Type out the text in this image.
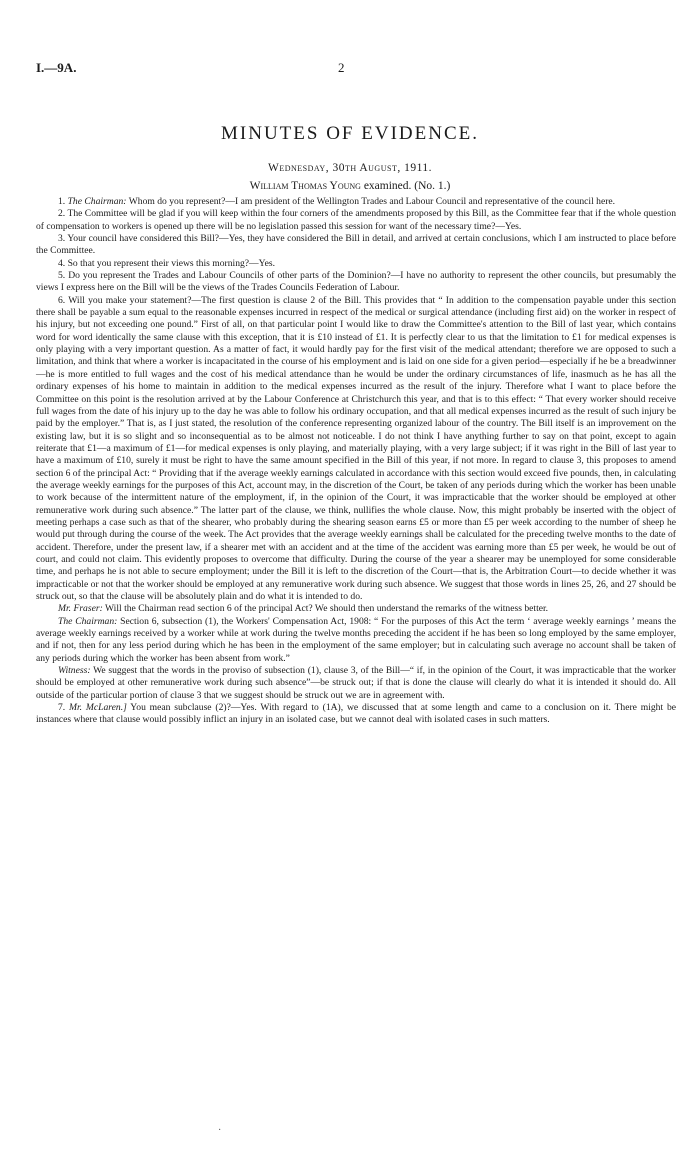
I.—9A.	2
MINUTES OF EVIDENCE.
Wednesday, 30th August, 1911.
William Thomas Young examined. (No. 1.)

1. The Chairman: Whom do you represent?—I am president of the Wellington Trades and Labour Council and representative of the council here.

2. The Committee will be glad if you will keep within the four corners of the amendments proposed by this Bill, as the Committee fear that if the whole question of compensation to workers is opened up there will be no legislation passed this session for want of the necessary time?—Yes.

3. Your council have considered this Bill?—Yes, they have considered the Bill in detail, and arrived at certain conclusions, which I am instructed to place before the Committee.

4. So that you represent their views this morning?—Yes.

5. Do you represent the Trades and Labour Councils of other parts of the Dominion?—I have no authority to represent the other councils, but presumably the views I express here on the Bill will be the views of the Trades Councils Federation of Labour.

6. Will you make your statement?—The first question is clause 2 of the Bill. This provides that “ In addition to the compensation payable under this section there shall be payable a sum equal to the reasonable expenses incurred in respect of the medical or surgical attendance (including first aid) on the worker in respect of his injury, but not exceeding one pound.” First of all, on that particular point I would like to draw the Committee's attention to the Bill of last year, which contains word for word identically the same clause with this exception, that it is £10 instead of £1. It is perfectly clear to us that the limitation to £1 for medical expenses is only playing with a very important question. As a matter of fact, it would hardly pay for the first visit of the medical attendant; therefore we are opposed to such a limitation, and think that where a worker is incapacitated in the course of his employment and is laid on one side for a given period—especially if he be a breadwinner—he is more entitled to full wages and the cost of his medical attendance than he would be under the ordinary circumstances of life, inasmuch as he has all the ordinary expenses of his home to maintain in addition to the medical expenses incurred as the result of the injury. Therefore what I want to place before the Committee on this point is the resolution arrived at by the Labour Conference at Christchurch this year, and that is to this effect: “ That every worker should receive full wages from the date of his injury up to the day he was able to follow his ordinary occupation, and that all medical expenses incurred as the result of such injury be paid by the employer.” That is, as I just stated, the resolution of the conference representing organized labour of the country. The Bill itself is an improvement on the existing law, but it is so slight and so inconsequential as to be almost not noticeable. I do not think I have anything further to say on that point, except to again reiterate that £1—a maximum of £1—for medical expenses is only playing, and materially playing, with a very large subject; if it was right in the Bill of last year to have a maximum of £10, surely it must be right to have the same amount specified in the Bill of this year, if not more. In regard to clause 3, this proposes to amend section 6 of the principal Act: “ Providing that if the average weekly earnings calculated in accordance with this section would exceed five pounds, then, in calculating the average weekly earnings for the purposes of this Act, account may, in the discretion of the Court, be taken of any periods during which the worker has been unable to work because of the intermittent nature of the employment, if, in the opinion of the Court, it was impracticable that the worker should be employed at other remunerative work during such absence.” The latter part of the clause, we think, nullifies the whole clause. Now, this might probably be inserted with the object of meeting perhaps a case such as that of the shearer, who probably during the shearing season earns £5 or more than £5 per week according to the number of sheep he would put through during the course of the week. The Act provides that the average weekly earnings shall be calculated for the preceding twelve months to the date of accident. Therefore, under the present law, if a shearer met with an accident and at the time of the accident was earning more than £5 per week, he would be out of court, and could not claim. This evidently proposes to overcome that difficulty. During the course of the year a shearer may be unemployed for some considerable time, and perhaps he is not able to secure employment; under the Bill it is left to the discretion of the Court—that is, the Arbitration Court—to decide whether it was impracticable or not that the worker should be employed at any remunerative work during such absence. We suggest that those words in lines 25, 26, and 27 should be struck out, so that the clause will be absolutely plain and do what it is intended to do.

Mr. Fraser: Will the Chairman read section 6 of the principal Act? We should then understand the remarks of the witness better.

The Chairman: Section 6, subsection (1), the Workers' Compensation Act, 1908: “ For the purposes of this Act the term ‘ average weekly earnings ’ means the average weekly earnings received by a worker while at work during the twelve months preceding the accident if he has been so long employed by the same employer, and if not, then for any less period during which he has been in the employment of the same employer; but in calculating such average no account shall be taken of any periods during which the worker has been absent from work.”

Witness: We suggest that the words in the proviso of subsection (1), clause 3, of the Bill—“ if, in the opinion of the Court, it was impracticable that the worker should be employed at other remunerative work during such absence”—be struck out; if that is done the clause will clearly do what it is intended it should do. All outside of the particular portion of clause 3 that we suggest should be struck out we are in agreement with.

7. Mr. McLaren.] You mean subclause (2)?—Yes. With regard to (1A), we discussed that at some length and came to a conclusion on it. There might be instances where that clause would possibly inflict an injury in an isolated case, but we cannot deal with isolated cases in such matters.

·
